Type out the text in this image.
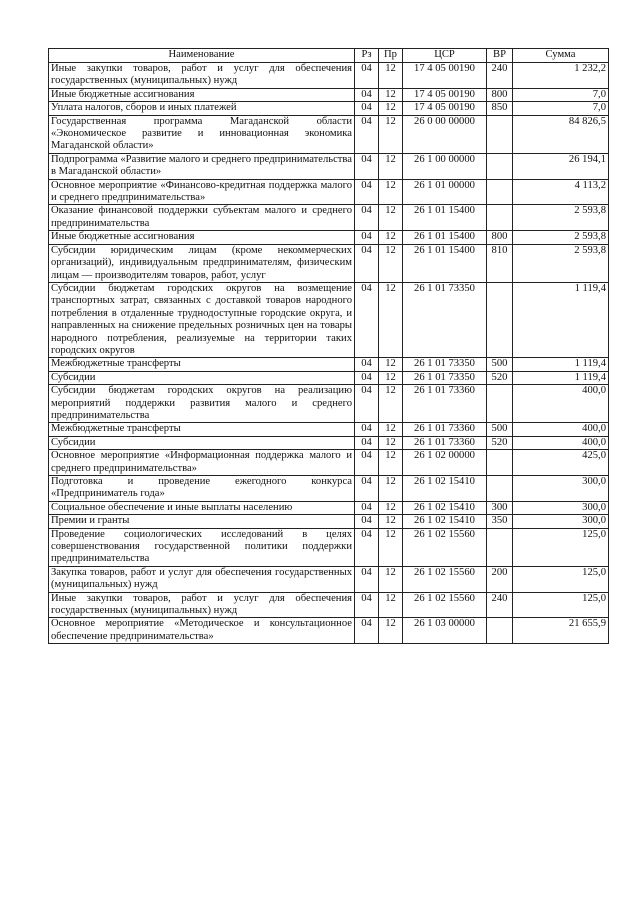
Наименование	Рз	Пр	ЦСР	ВР	Сумма
Иные закупки товаров, работ и услуг для обеспечения государственных (муниципальных) нужд	04	12	17 4 05 00190	240	1 232,2
Иные бюджетные ассигнования	04	12	17 4 05 00190	800	7,0
Уплата налогов, сборов и иных платежей	04	12	17 4 05 00190	850	7,0
Государственная программа Магаданской области «Экономическое развитие и инновационная экономика Магаданской области»	04	12	26 0 00 00000		84 826,5
Подпрограмма «Развитие малого и среднего предпринимательства в Магаданской области»	04	12	26 1 00 00000		26 194,1
Основное мероприятие «Финансово-кредитная поддержка малого и среднего предпринимательства»	04	12	26 1 01 00000		4 113,2
Оказание финансовой поддержки субъектам малого и среднего предпринимательства	04	12	26 1 01 15400		2 593,8
Иные бюджетные ассигнования	04	12	26 1 01 15400	800	2 593,8
Субсидии юридическим лицам (кроме некоммерческих организаций), индивидуальным предпринимателям, физическим лицам — производителям товаров, работ, услуг	04	12	26 1 01 15400	810	2 593,8
Субсидии бюджетам городских округов на возмещение транспортных затрат, связанных с доставкой товаров народного потребления в отдаленные труднодоступные городские округа, и направленных на снижение предельных розничных цен на товары народного потребления, реализуемые на территории таких городских округов	04	12	26 1 01 73350		1 119,4
Межбюджетные трансферты	04	12	26 1 01 73350	500	1 119,4
Субсидии	04	12	26 1 01 73350	520	1 119,4
Субсидии бюджетам городских округов на реализацию мероприятий поддержки развития малого и среднего предпринимательства	04	12	26 1 01 73360		400,0
Межбюджетные трансферты	04	12	26 1 01 73360	500	400,0
Субсидии	04	12	26 1 01 73360	520	400,0
Основное мероприятие «Информационная поддержка малого и среднего предпринимательства»	04	12	26 1 02 00000		425,0
Подготовка и проведение ежегодного конкурса «Предприниматель года»	04	12	26 1 02 15410		300,0
Социальное обеспечение и иные выплаты населению	04	12	26 1 02 15410	300	300,0
Премии и гранты	04	12	26 1 02 15410	350	300,0
Проведение социологических исследований в целях совершенствования государственной политики поддержки предпринимательства	04	12	26 1 02 15560		125,0
Закупка товаров, работ и услуг для обеспечения государственных (муниципальных) нужд	04	12	26 1 02 15560	200	125,0
Иные закупки товаров, работ и услуг для обеспечения государственных (муниципальных) нужд	04	12	26 1 02 15560	240	125,0
Основное мероприятие «Методическое и консультационное обеспечение предпринимательства»	04	12	26 1 03 00000		21 655,9
